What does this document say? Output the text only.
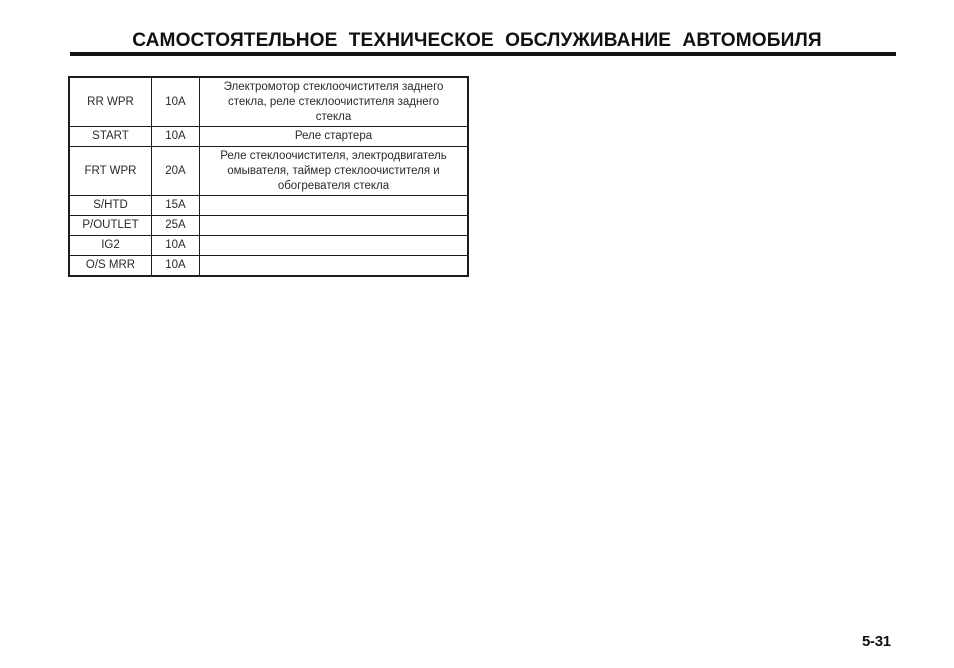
САМОСТОЯТЕЛЬНОЕ ТЕХНИЧЕСКОЕ ОБСЛУЖИВАНИЕ АВТОМОБИЛЯ
RR WPR	10A	Электромотор стеклоочистителя заднего
стекла, реле стеклоочистителя заднего
стекла

START	10A	Реле стартера

FRT WPR	20A	Реле стеклоочистителя, электродвигатель
омывателя, таймер стеклоочистителя и
обогревателя стекла

S/HTD	15A	
P/OUTLET	25A	
IG2	10A	
O/S MRR	10A	
5-31
